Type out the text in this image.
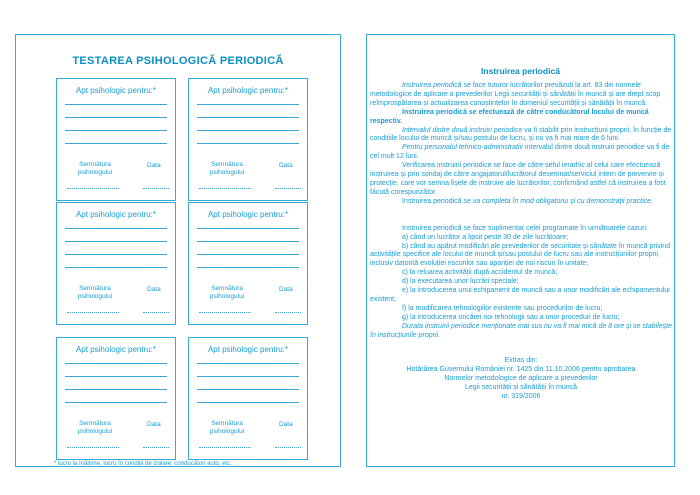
TESTAREA PSIHOLOGICĂ PERIODICĂ
Apt psihologic pentru:*
Semnătura
psihologului
Data
Apt psihologic pentru:*
Semnătura
psihologului
Data
Apt psihologic pentru:*
Semnătura
psihologului
Data
Apt psihologic pentru:*
Semnătura
psihologului
Data
Apt psihologic pentru:*
Semnătura
psihologului
Data
Apt psihologic pentru:*
Semnătura
psihologului
Data
* lucru la înălțime, lucru în condiții de izolare, conducători auto, etc.
Instruirea periodică

Instruirea periodică se face tuturor lucrătorilor prevăzuți la art. 83 din normele metodologice de aplicare a prevederilor Legii securității și sănătății în muncă și are drept scop reîmprospătarea și actualizarea cunoștințelor în domeniul securității și sănătății în muncă.

Instruirea periodică se efectuează de către conducătorul locului de muncă respectiv.

Intervalul dintre două instruiri periodice va fi stabilit prin instrucțiuni proprii, în funcție de condițiile locului de muncă și/sau postului de lucru, și nu va fi mai mare de 6 luni.

Pentru personalul tehnico-administrativ intervalul dintre două instruiri periodice va fi de cel mult 12 luni.

Verificarea instruirii periodice se face de către șeful ierarhic al celui care efectuează instruirea și prin sondaj de către angajatorul/lucrătorul desemnat/serviciul intern de prevenire și protecție, care vor semna fișele de instruire ale lucrătorilor, confirmând astfel că instruirea a fost făcută corespunzător.

Instruirea periodică se va completa în mod obligatoriu și cu demonstrații practice.

Instruirea periodică se face suplimentar celei programate în următoarele cazuri:

a) când un lucrător a lipsit peste 30 de zile lucrătoare;

b) când au apărut modificări ale prevederilor de securitate și sănătate în muncă privind activitățile specifice ale locului de muncă și/sau postului de lucru sau ale instrucțiunilor proprii, inclusiv datorită evoluției riscurilor sau apariției de noi riscuri în unitate;

c) la reluarea activității după accidentul de muncă;

d) la executarea unor lucrări speciale;

e) la introducerea unui echipament de muncă sau a unor modificări ale echipamentului existent;

f) la modificarea tehnologiilor existente sau procedurilor de lucru;

g) la introducerea oricărei noi tehnologii sau a unor proceduri de lucru;

Durata instruirii periodice menționate mai sus nu va fi mai mică de 8 ore și se stabilește în instrucțiunile proprii.

Extras din:

Hotărârea Guvernului României nr. 1425 din 11.10.2006 pentru aprobarea

Normelor metodologice de aplicare a prevederilor

Legii securității și sănătății în muncă

nr. 319/2006
